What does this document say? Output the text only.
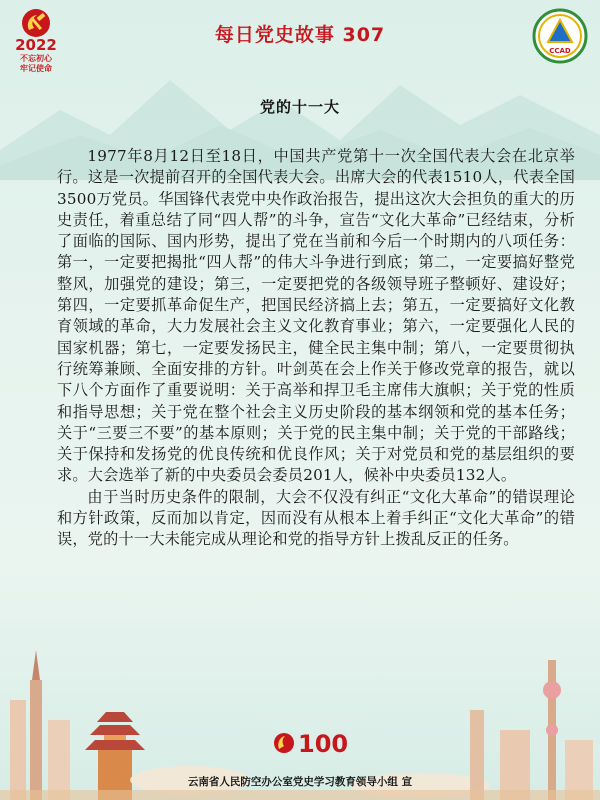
2022
不忘初心
牢记使命
每日党史故事 307
CCAD
党的十一大

1977年8月12日至18日，中国共产党第十一次全国代表大会在北京举行。这是一次提前召开的全国代表大会。出席大会的代表1510人，代表全国3500万党员。华国锋代表党中央作政治报告，提出这次大会担负的重大的历史责任，着重总结了同“四人帮”的斗争，宣告“文化大革命”已经结束，分析了面临的国际、国内形势，提出了党在当前和今后一个时期内的八项任务：第一，一定要把揭批“四人帮”的伟大斗争进行到底；第二，一定要搞好整党整风，加强党的建设；第三，一定要把党的各级领导班子整顿好、建设好；第四，一定要抓革命促生产，把国民经济搞上去；第五，一定要搞好文化教育领域的革命，大力发展社会主义文化教育事业；第六，一定要强化人民的国家机器；第七，一定要发扬民主，健全民主集中制；第八，一定要贯彻执行统筹兼顾、全面安排的方针。叶剑英在会上作关于修改党章的报告，就以下八个方面作了重要说明：关于高举和捍卫毛主席伟大旗帜；关于党的性质和指导思想；关于党在整个社会主义历史阶段的基本纲领和党的基本任务；关于“三要三不要”的基本原则；关于党的民主集中制；关于党的干部路线；关于保持和发扬党的优良传统和优良作风；关于对党员和党的基层组织的要求。大会选举了新的中央委员会委员201人，候补中央委员132人。

由于当时历史条件的限制，大会不仅没有纠正“文化大革命”的错误理论和方针政策，反而加以肯定，因而没有从根本上着手纠正“文化大革命”的错误，党的十一大未能完成从理论和党的指导方针上拨乱反正的任务。

100
云南省人民防空办公室党史学习教育领导小组 宣
